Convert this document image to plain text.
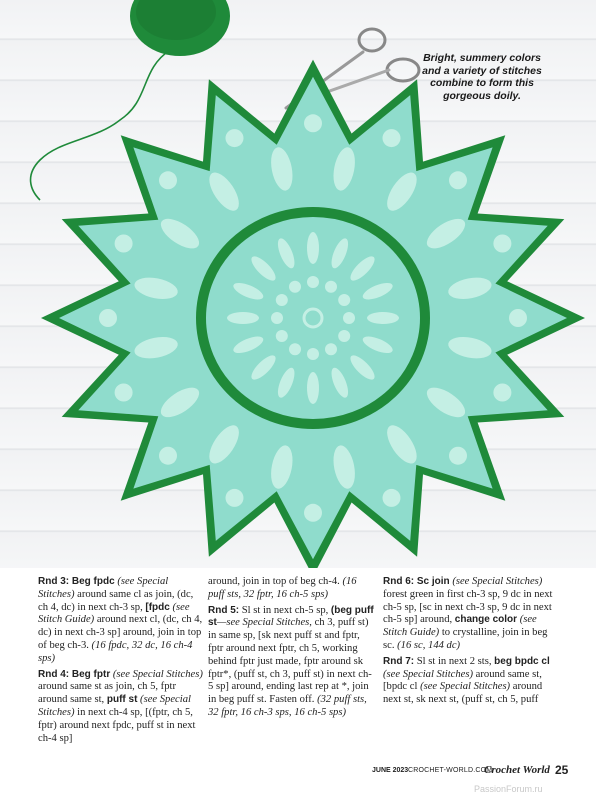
Bright, summery colors
and a variety of stitches
combine to form this
gorgeous doily.

Rnd 3: Beg fpdc (see Special Stitches) around same cl as join, (dc, ch 4, dc) in next ch-3 sp, [fpdc (see Stitch Guide) around next cl, (dc, ch 4, dc) in next ch-3 sp] around, join in top of beg ch-3. (16 fpdc, 32 dc, 16 ch-4 sps)

Rnd 4: Beg fptr (see Special Stitches) around same st as join, ch 5, fptr around same st, puff st (see Special Stitches) in next ch-4 sp, [(fptr, ch 5, fptr) around next fpdc, puff st in next ch-4 sp]

around, join in top of beg ch-4. (16 puff sts, 32 fptr, 16 ch-5 sps)

Rnd 5: Sl st in next ch-5 sp, (beg puff st—see Special Stitches, ch 3, puff st) in same sp, [sk next puff st and fptr, fptr around next fptr, ch 5, working behind fptr just made, fptr around sk fptr*, (puff st, ch 3, puff st) in next ch-5 sp] around, ending last rep at *, join in beg puff st. Fasten off. (32 puff sts, 32 fptr, 16 ch-3 sps, 16 ch-5 sps)

Rnd 6: Sc join (see Special Stitches) forest green in first ch-3 sp, 9 dc in next ch-5 sp, [sc in next ch-3 sp, 9 dc in next ch-5 sp] around, change color (see Stitch Guide) to crystalline, join in beg sc. (16 sc, 144 dc)

Rnd 7: Sl st in next 2 sts, beg bpdc cl (see Special Stitches) around same st, [bpdc cl (see Special Stitches) around next st, sk next st, (puff st, ch 5, puff

JUNE 2023 CROCHET-WORLD.COM
Crochet World 25
PassionForum.ru
